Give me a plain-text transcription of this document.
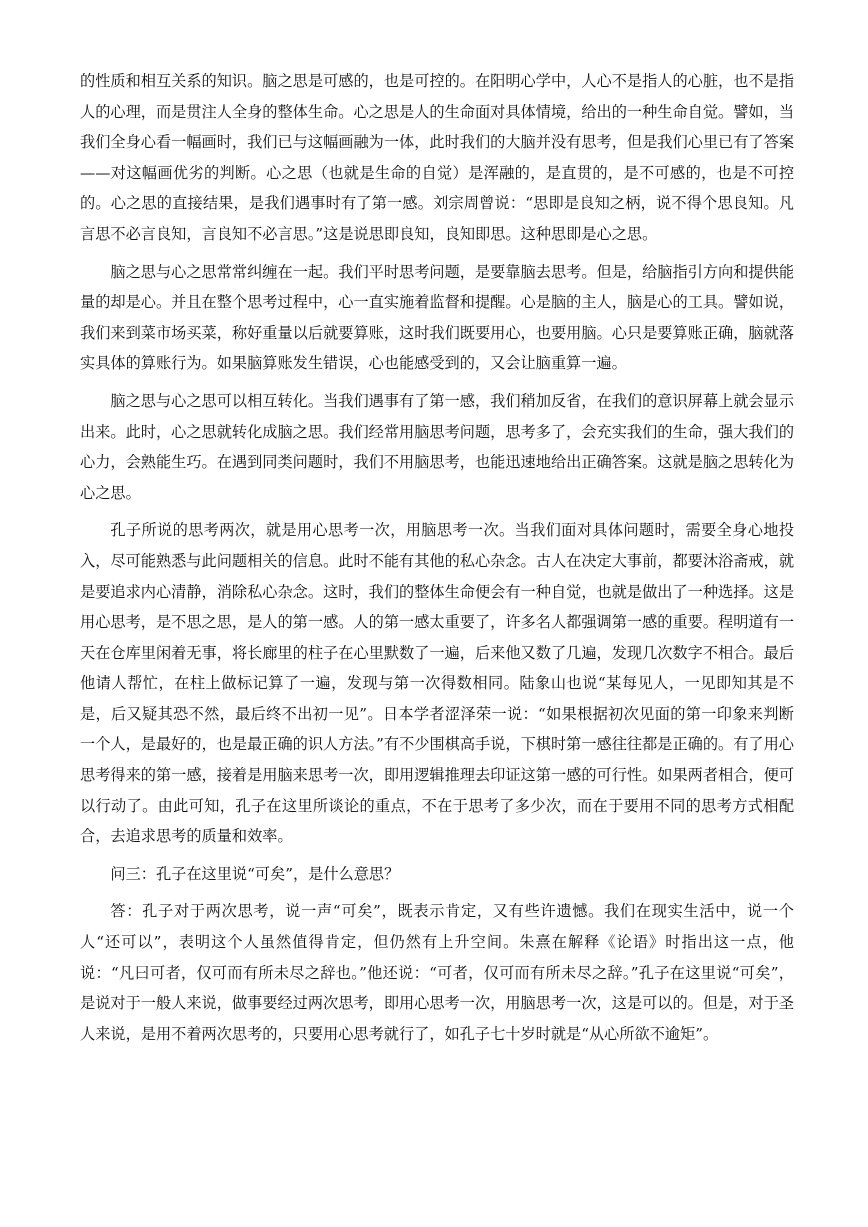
的性质和相互关系的知识。脑之思是可感的，也是可控的。在阳明心学中，人心不是指人的心脏，也不是指人的心理，而是贯注人全身的整体生命。心之思是人的生命面对具体情境，给出的一种生命自觉。譬如，当我们全身心看一幅画时，我们已与这幅画融为一体，此时我们的大脑并没有思考，但是我们心里已有了答案——对这幅画优劣的判断。心之思（也就是生命的自觉）是浑融的，是直贯的，是不可感的，也是不可控的。心之思的直接结果，是我们遇事时有了第一感。刘宗周曾说：“思即是良知之柄，说不得个思良知。凡言思不必言良知，言良知不必言思。”这是说思即良知，良知即思。这种思即是心之思。

脑之思与心之思常常纠缠在一起。我们平时思考问题，是要靠脑去思考。但是，给脑指引方向和提供能量的却是心。并且在整个思考过程中，心一直实施着监督和提醒。心是脑的主人，脑是心的工具。譬如说，我们来到菜市场买菜，称好重量以后就要算账，这时我们既要用心，也要用脑。心只是要算账正确，脑就落实具体的算账行为。如果脑算账发生错误，心也能感受到的，又会让脑重算一遍。

脑之思与心之思可以相互转化。当我们遇事有了第一感，我们稍加反省，在我们的意识屏幕上就会显示出来。此时，心之思就转化成脑之思。我们经常用脑思考问题，思考多了，会充实我们的生命，强大我们的心力，会熟能生巧。在遇到同类问题时，我们不用脑思考，也能迅速地给出正确答案。这就是脑之思转化为心之思。

孔子所说的思考两次，就是用心思考一次，用脑思考一次。当我们面对具体问题时，需要全身心地投入，尽可能熟悉与此问题相关的信息。此时不能有其他的私心杂念。古人在决定大事前，都要沐浴斋戒，就是要追求内心清静，消除私心杂念。这时，我们的整体生命便会有一种自觉，也就是做出了一种选择。这是用心思考，是不思之思，是人的第一感。人的第一感太重要了，许多名人都强调第一感的重要。程明道有一天在仓库里闲着无事，将长廊里的柱子在心里默数了一遍，后来他又数了几遍，发现几次数字不相合。最后他请人帮忙，在柱上做标记算了一遍，发现与第一次得数相同。陆象山也说“某每见人，一见即知其是不是，后又疑其恐不然，最后终不出初一见”。日本学者涩泽荣一说：“如果根据初次见面的第一印象来判断一个人，是最好的，也是最正确的识人方法。”有不少围棋高手说，下棋时第一感往往都是正确的。有了用心思考得来的第一感，接着是用脑来思考一次，即用逻辑推理去印证这第一感的可行性。如果两者相合，便可以行动了。由此可知，孔子在这里所谈论的重点，不在于思考了多少次，而在于要用不同的思考方式相配合，去追求思考的质量和效率。

问三：孔子在这里说“可矣”，是什么意思？

答：孔子对于两次思考，说一声“可矣”，既表示肯定，又有些许遗憾。我们在现实生活中，说一个人“还可以”，表明这个人虽然值得肯定，但仍然有上升空间。朱熹在解释《论语》时指出这一点，他说：“凡曰可者，仅可而有所未尽之辞也。”他还说：“可者，仅可而有所未尽之辞。”孔子在这里说“可矣”，是说对于一般人来说，做事要经过两次思考，即用心思考一次，用脑思考一次，这是可以的。但是，对于圣人来说，是用不着两次思考的，只要用心思考就行了，如孔子七十岁时就是“从心所欲不逾矩”。
